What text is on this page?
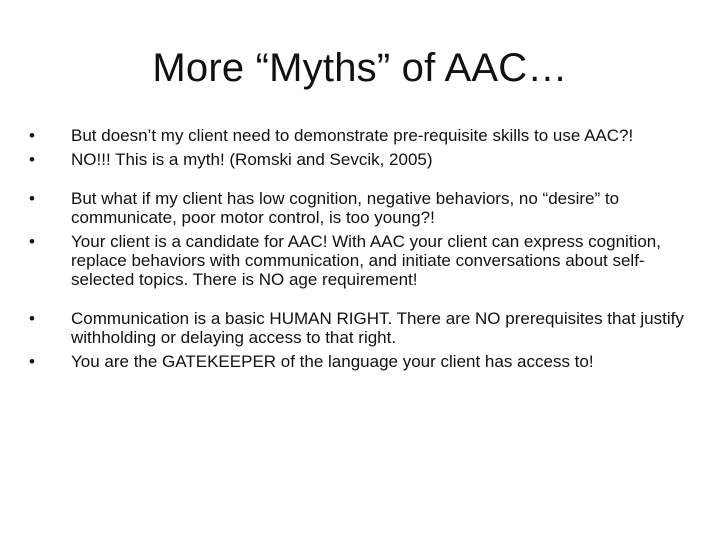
More “Myths” of AAC…
•	But doesn’t my client need to demonstrate pre-requisite skills to use AAC?!
•	NO!!! This is a myth! (Romski and Sevcik, 2005)
•	But what if my client has low cognition, negative behaviors, no “desire” to communicate, poor motor control, is too young?!
•	Your client is a candidate for AAC! With AAC your client can express cognition, replace behaviors with communication, and initiate conversations about self-selected topics. There is NO age requirement!
•	Communication is a basic HUMAN RIGHT. There are NO prerequisites that justify withholding or delaying access to that right.
•	You are the GATEKEEPER of the language your client has access to!
